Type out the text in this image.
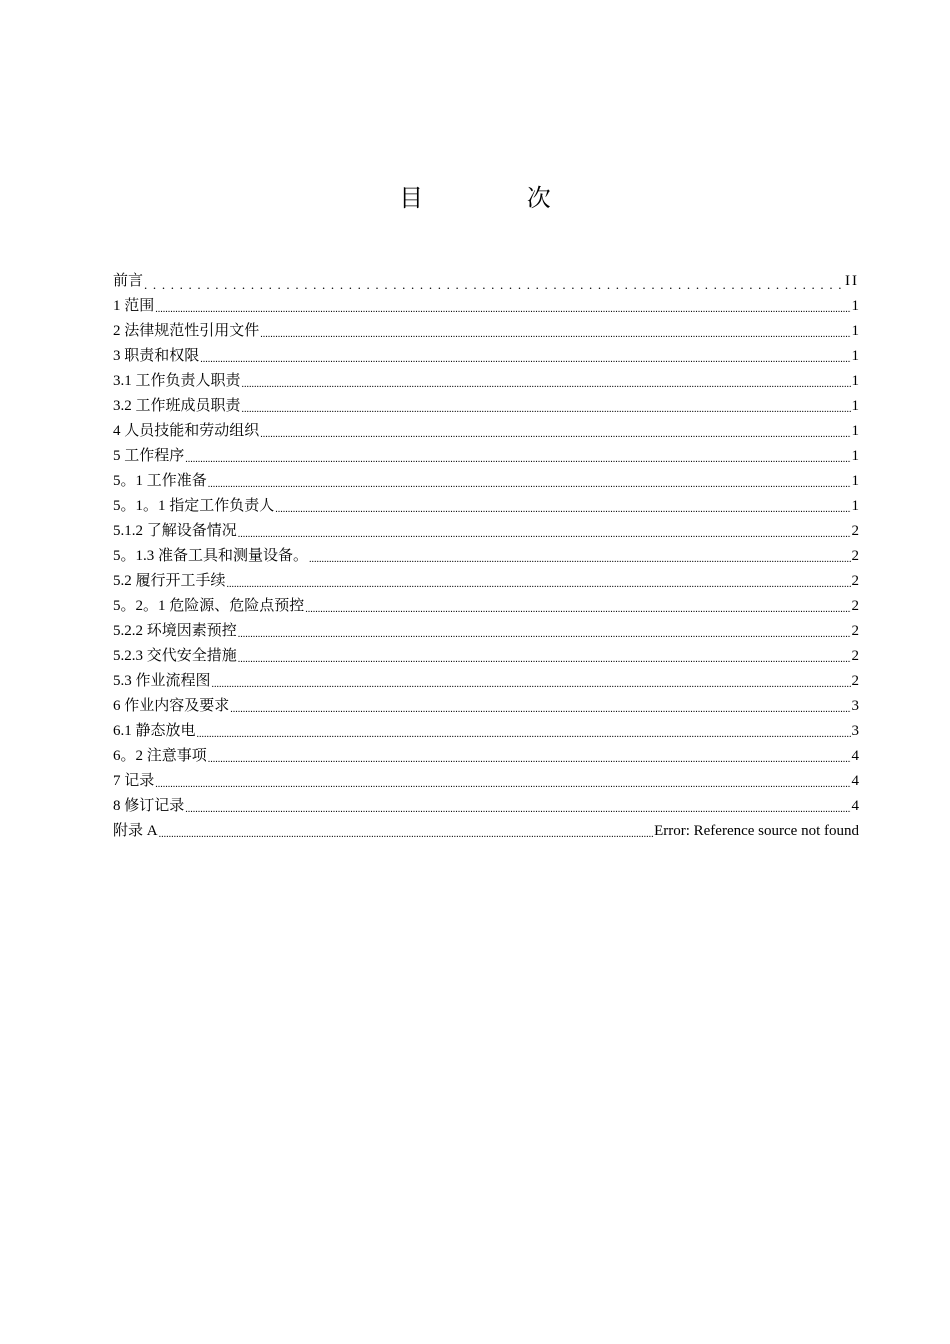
目 次
前言 . . .	II
1 范围 .....	1
2 法律规范性引用文件 .....	1
3 职责和权限 .....	1
3.1 工作负责人职责 .....	1
3.2 工作班成员职责 .....	1
4 人员技能和劳动组织 .....	1
5 工作程序 .....	1
5。1 工作准备 .....	1
5。1。1 指定工作负责人 .....	1
5.1.2 了解设备情况 .....	2
5。1.3 准备工具和测量设备。 .....	2
5.2 履行开工手续 .....	2
5。2。1 危险源、危险点预控 .....	2
5.2.2 环境因素预控 .....	2
5.2.3 交代安全措施 .....	2
5.3 作业流程图 .....	2
6 作业内容及要求 .....	3
6.1 静态放电 .....	3
6。2 注意事项 .....	4
7 记录 .....	4
8 修订记录 .....	4
附录 A .....	Error: Reference source not found
